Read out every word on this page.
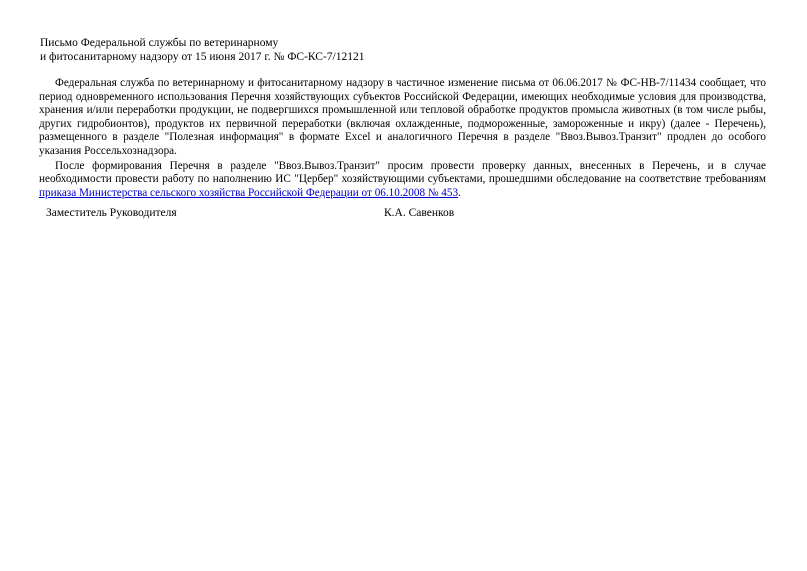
Письмо Федеральной службы по ветеринарному
и фитосанитарному надзору от 15 июня 2017 г. № ФС-КС-7/12121

Федеральная служба по ветеринарному и фитосанитарному надзору в частичное изменение письма от 06.06.2017 № ФС-НВ-7/11434 сообщает, что период одновременного использования Перечня хозяйствующих субъектов Российской Федерации, имеющих необходимые условия для производства, хранения и/или переработки продукции, не подвергшихся промышленной или тепловой обработке продуктов промысла животных (в том числе рыбы, других гидробионтов), продуктов их первичной переработки (включая охлажденные, подмороженные, замороженные и икру) (далее - Перечень), размещенного в разделе "Полезная информация" в формате Excel и аналогичного Перечня в разделе "Ввоз.Вывоз.Транзит" продлен до особого указания Россельхознадзора.

После формирования Перечня в разделе "Ввоз.Вывоз.Транзит" просим провести проверку данных, внесенных в Перечень, и в случае необходимости провести работу по наполнению ИС "Цербер" хозяйствующими субъектами, прошедшими обследование на соответствие требованиям приказа Министерства сельского хозяйства Российской Федерации от 06.10.2008 № 453.

Заместитель Руководителя	К.А. Савенков
